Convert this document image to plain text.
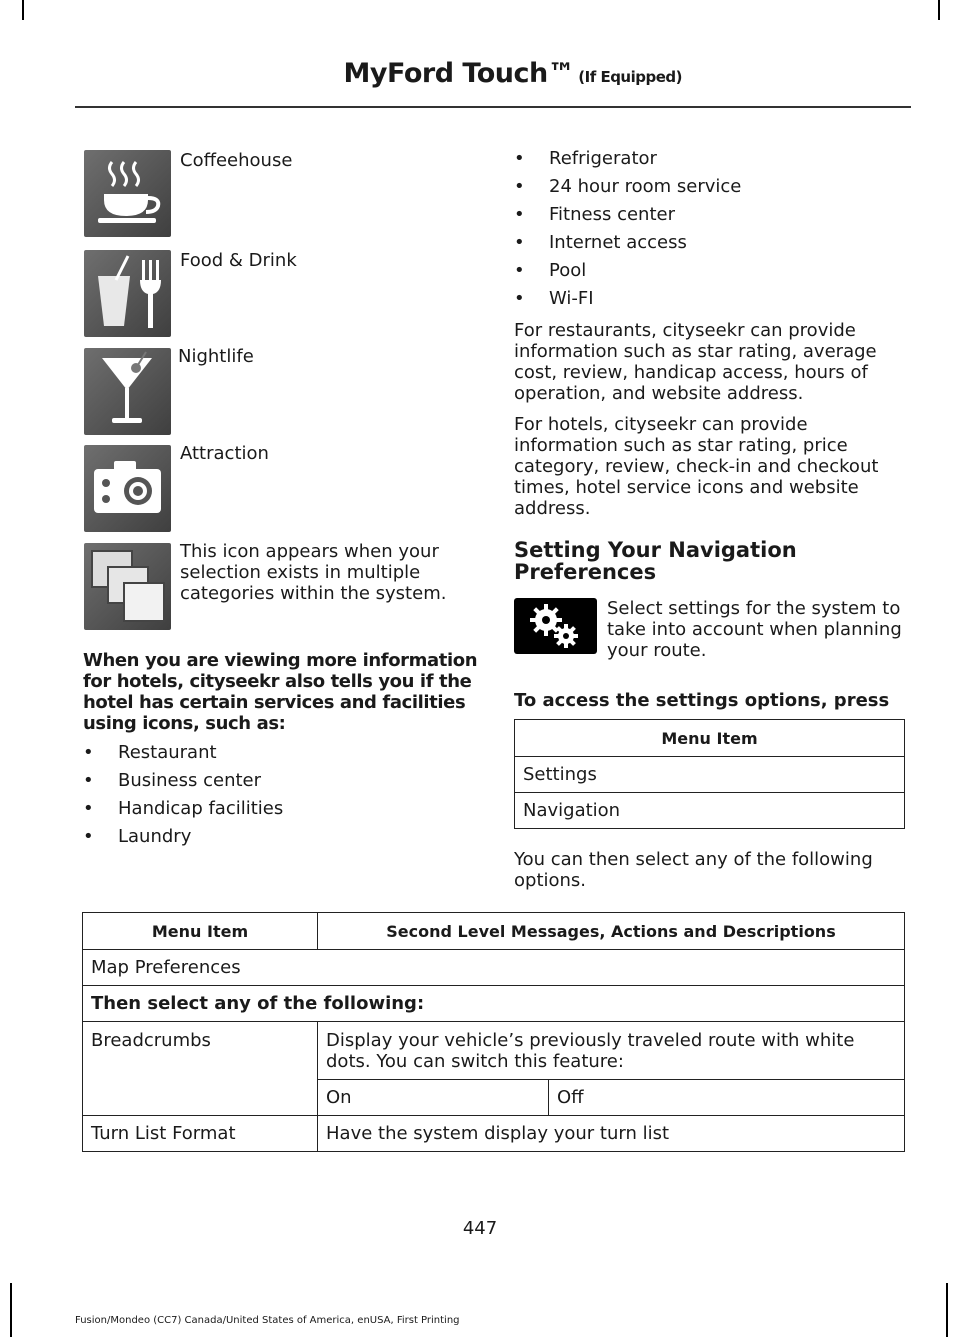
MyFord Touch™ (If Equipped)
Coffeehouse
Food & Drink
Nightlife
Attraction
This icon appears when your selection exists in multiple categories within the system.
When you are viewing more information for hotels, cityseekr also tells you if the hotel has certain services and facilities using icons, such as:
• Restaurant
• Business center
• Handicap facilities
• Laundry
• Refrigerator
• 24 hour room service
• Fitness center
• Internet access
• Pool
• Wi-FI
For restaurants, cityseekr can provide information such as star rating, average cost, review, handicap access, hours of operation, and website address.
For hotels, cityseekr can provide information such as star rating, price category, review, check-in and checkout times, hotel service icons and website address.
Setting Your Navigation Preferences
Select settings for the system to take into account when planning your route.
To access the settings options, press
Menu Item
Settings
Navigation
You can then select any of the following options.
Menu Item	Second Level Messages, Actions and Descriptions	
Map Preferences		
Then select any of the following:		
Breadcrumbs	Display your vehicle’s previously traveled route with white dots. You can switch this feature:	
	On	Off
Turn List Format	Have the system display your turn list	
447
Fusion/Mondeo (CC7) Canada/United States of America, enUSA, First Printing
